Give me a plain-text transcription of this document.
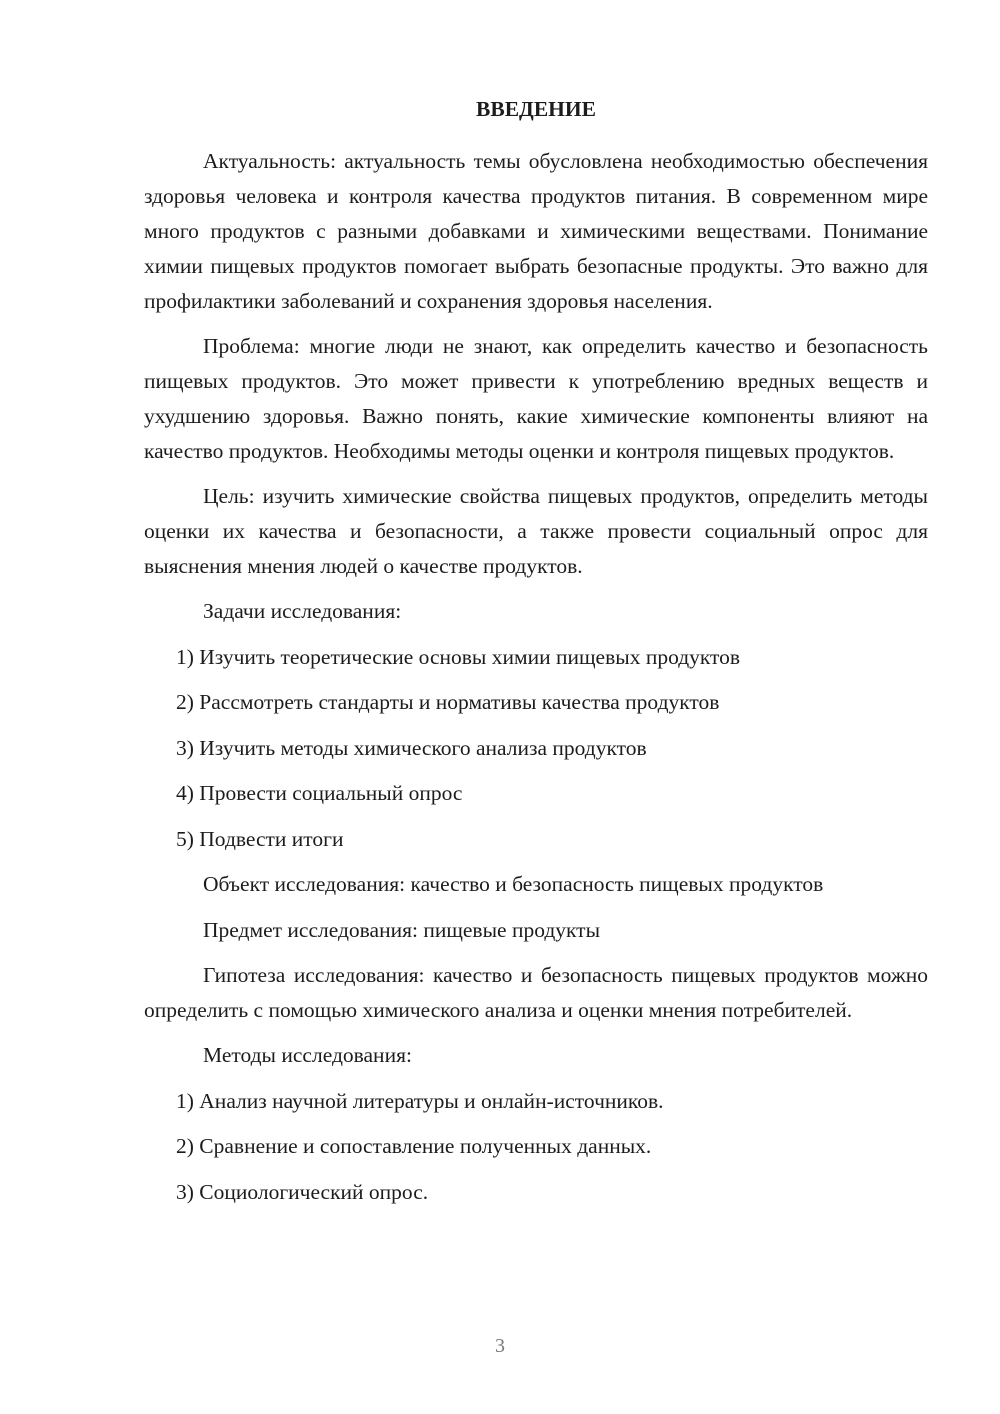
ВВЕДЕНИЕ

Актуальность: актуальность темы обусловлена необходимостью обеспечения здоровья человека и контроля качества продуктов питания. В современном мире много продуктов с разными добавками и химическими веществами. Понимание химии пищевых продуктов помогает выбрать безопасные продукты. Это важно для профилактики заболеваний и сохранения здоровья населения.

Проблема: многие люди не знают, как определить качество и безопасность пищевых продуктов. Это может привести к употреблению вредных веществ и ухудшению здоровья. Важно понять, какие химические компоненты влияют на качество продуктов. Необходимы методы оценки и контроля пищевых продуктов.

Цель: изучить химические свойства пищевых продуктов, определить методы оценки их качества и безопасности, а также провести социальный опрос для выяснения мнения людей о качестве продуктов.

Задачи исследования:
1) Изучить теоретические основы химии пищевых продуктов
2) Рассмотреть стандарты и нормативы качества продуктов
3) Изучить методы химического анализа продуктов
4) Провести социальный опрос
5) Подвести итоги
Объект исследования: качество и безопасность пищевых продуктов
Предмет исследования: пищевые продукты

Гипотеза исследования: качество и безопасность пищевых продуктов можно определить с помощью химического анализа и оценки мнения потребителей.

Методы исследования:
1) Анализ научной литературы и онлайн-источников.
2) Сравнение и сопоставление полученных данных.
3) Социологический опрос.
3
